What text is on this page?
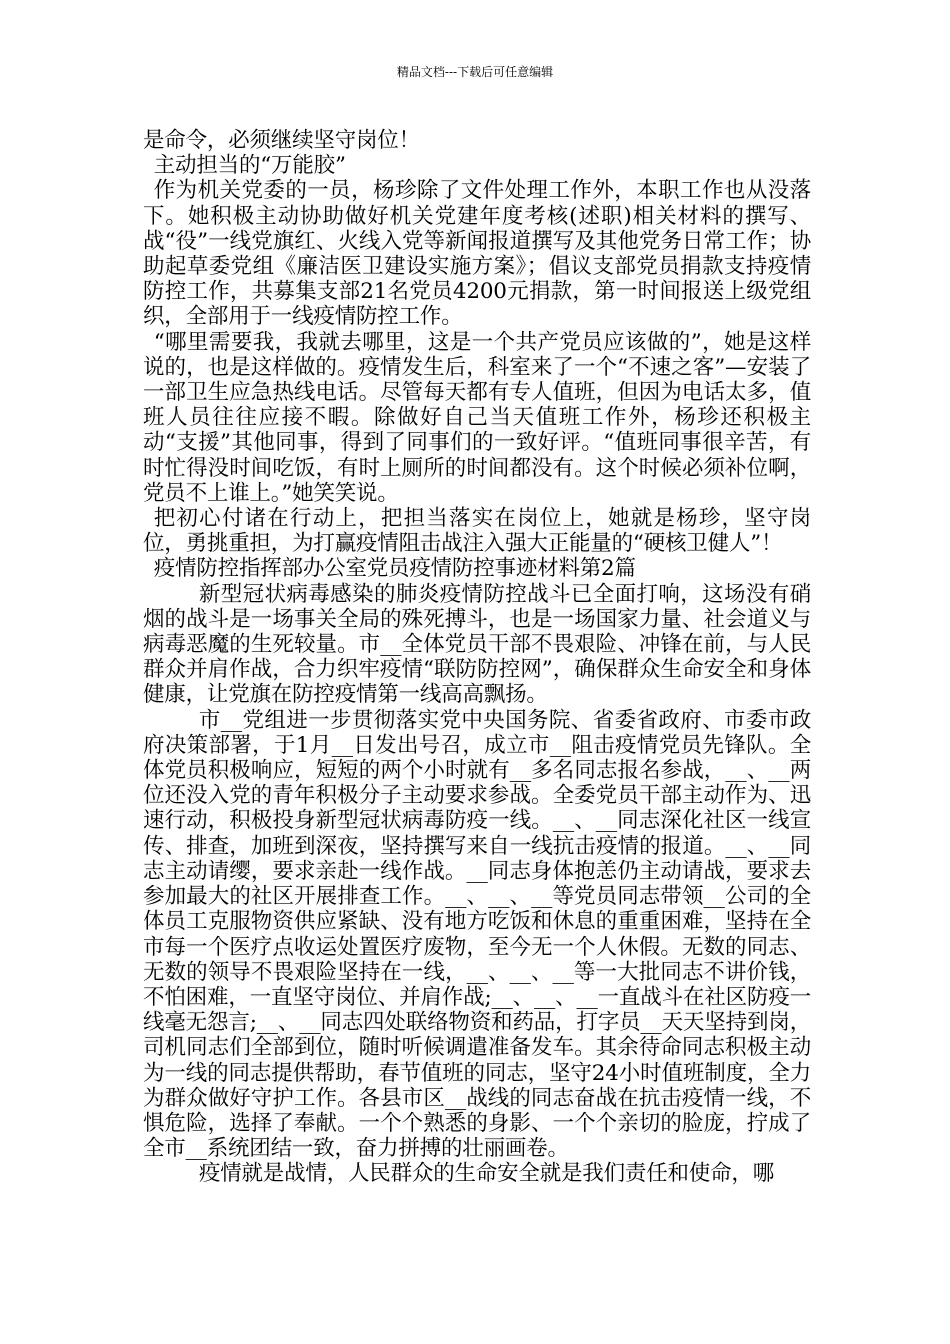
精品文档---下载后可任意编辑

是命令，必须继续坚守岗位！

主动担当的“万能胶”

作为机关党委的一员，杨珍除了文件处理工作外，本职工作也从没落下。她积极主动协助做好机关党建年度考核(述职)相关材料的撰写、战“役”一线党旗红、火线入党等新闻报道撰写及其他党务日常工作；协助起草委党组《廉洁医卫建设实施方案》；倡议支部党员捐款支持疫情防控工作，共募集支部21名党员4200元捐款，第一时间报送上级党组织，全部用于一线疫情防控工作。

“哪里需要我，我就去哪里，这是一个共产党员应该做的”，她是这样说的，也是这样做的。疫情发生后，科室来了一个“不速之客”—安装了一部卫生应急热线电话。尽管每天都有专人值班，但因为电话太多，值班人员往往应接不暇。除做好自己当天值班工作外，杨珍还积极主动“支援”其他同事，得到了同事们的一致好评。“值班同事很辛苦，有时忙得没时间吃饭，有时上厕所的时间都没有。这个时候必须补位啊，党员不上谁上。”她笑笑说。

把初心付诸在行动上，把担当落实在岗位上，她就是杨珍，坚守岗位，勇挑重担，为打赢疫情阻击战注入强大正能量的“硬核卫健人”！

疫情防控指挥部办公室党员疫情防控事迹材料第2篇

新型冠状病毒感染的肺炎疫情防控战斗已全面打响，这场没有硝烟的战斗是一场事关全局的殊死搏斗，也是一场国家力量、社会道义与病毒恶魔的生死较量。市__全体党员干部不畏艰险、冲锋在前，与人民群众并肩作战，合力织牢疫情“联防防控网”，确保群众生命安全和身体健康，让党旗在防控疫情第一线高高飘扬。

市__党组进一步贯彻落实党中央国务院、省委省政府、市委市政府决策部署，于1月__日发出号召，成立市__阻击疫情党员先锋队。全体党员积极响应，短短的两个小时就有__多名同志报名参战，__、__两位还没入党的青年积极分子主动要求参战。全委党员干部主动作为、迅速行动，积极投身新型冠状病毒防疫一线。__、__同志深化社区一线宣传、排查，加班到深夜，坚持撰写来自一线抗击疫情的报道。__、__同志主动请缨，要求亲赴一线作战。__同志身体抱恙仍主动请战，要求去参加最大的社区开展排查工作。__、__、__等党员同志带领__公司的全体员工克服物资供应紧缺、没有地方吃饭和休息的重重困难，坚持在全市每一个医疗点收运处置医疗废物，至今无一个人休假。无数的同志、无数的领导不畏艰险坚持在一线，__、__、__等一大批同志不讲价钱，不怕困难，一直坚守岗位、并肩作战;__、__、__一直战斗在社区防疫一线毫无怨言;__、__同志四处联络物资和药品，打字员__天天坚持到岗，司机同志们全部到位，随时听候调遣准备发车。其余待命同志积极主动为一线的同志提供帮助，春节值班的同志，坚守24小时值班制度，全力为群众做好守护工作。各县市区__战线的同志奋战在抗击疫情一线，不惧危险，选择了奉献。一个个熟悉的身影、一个个亲切的脸庞，拧成了全市__系统团结一致，奋力拼搏的壮丽画卷。

疫情就是战情，人民群众的生命安全就是我们责任和使命，哪
